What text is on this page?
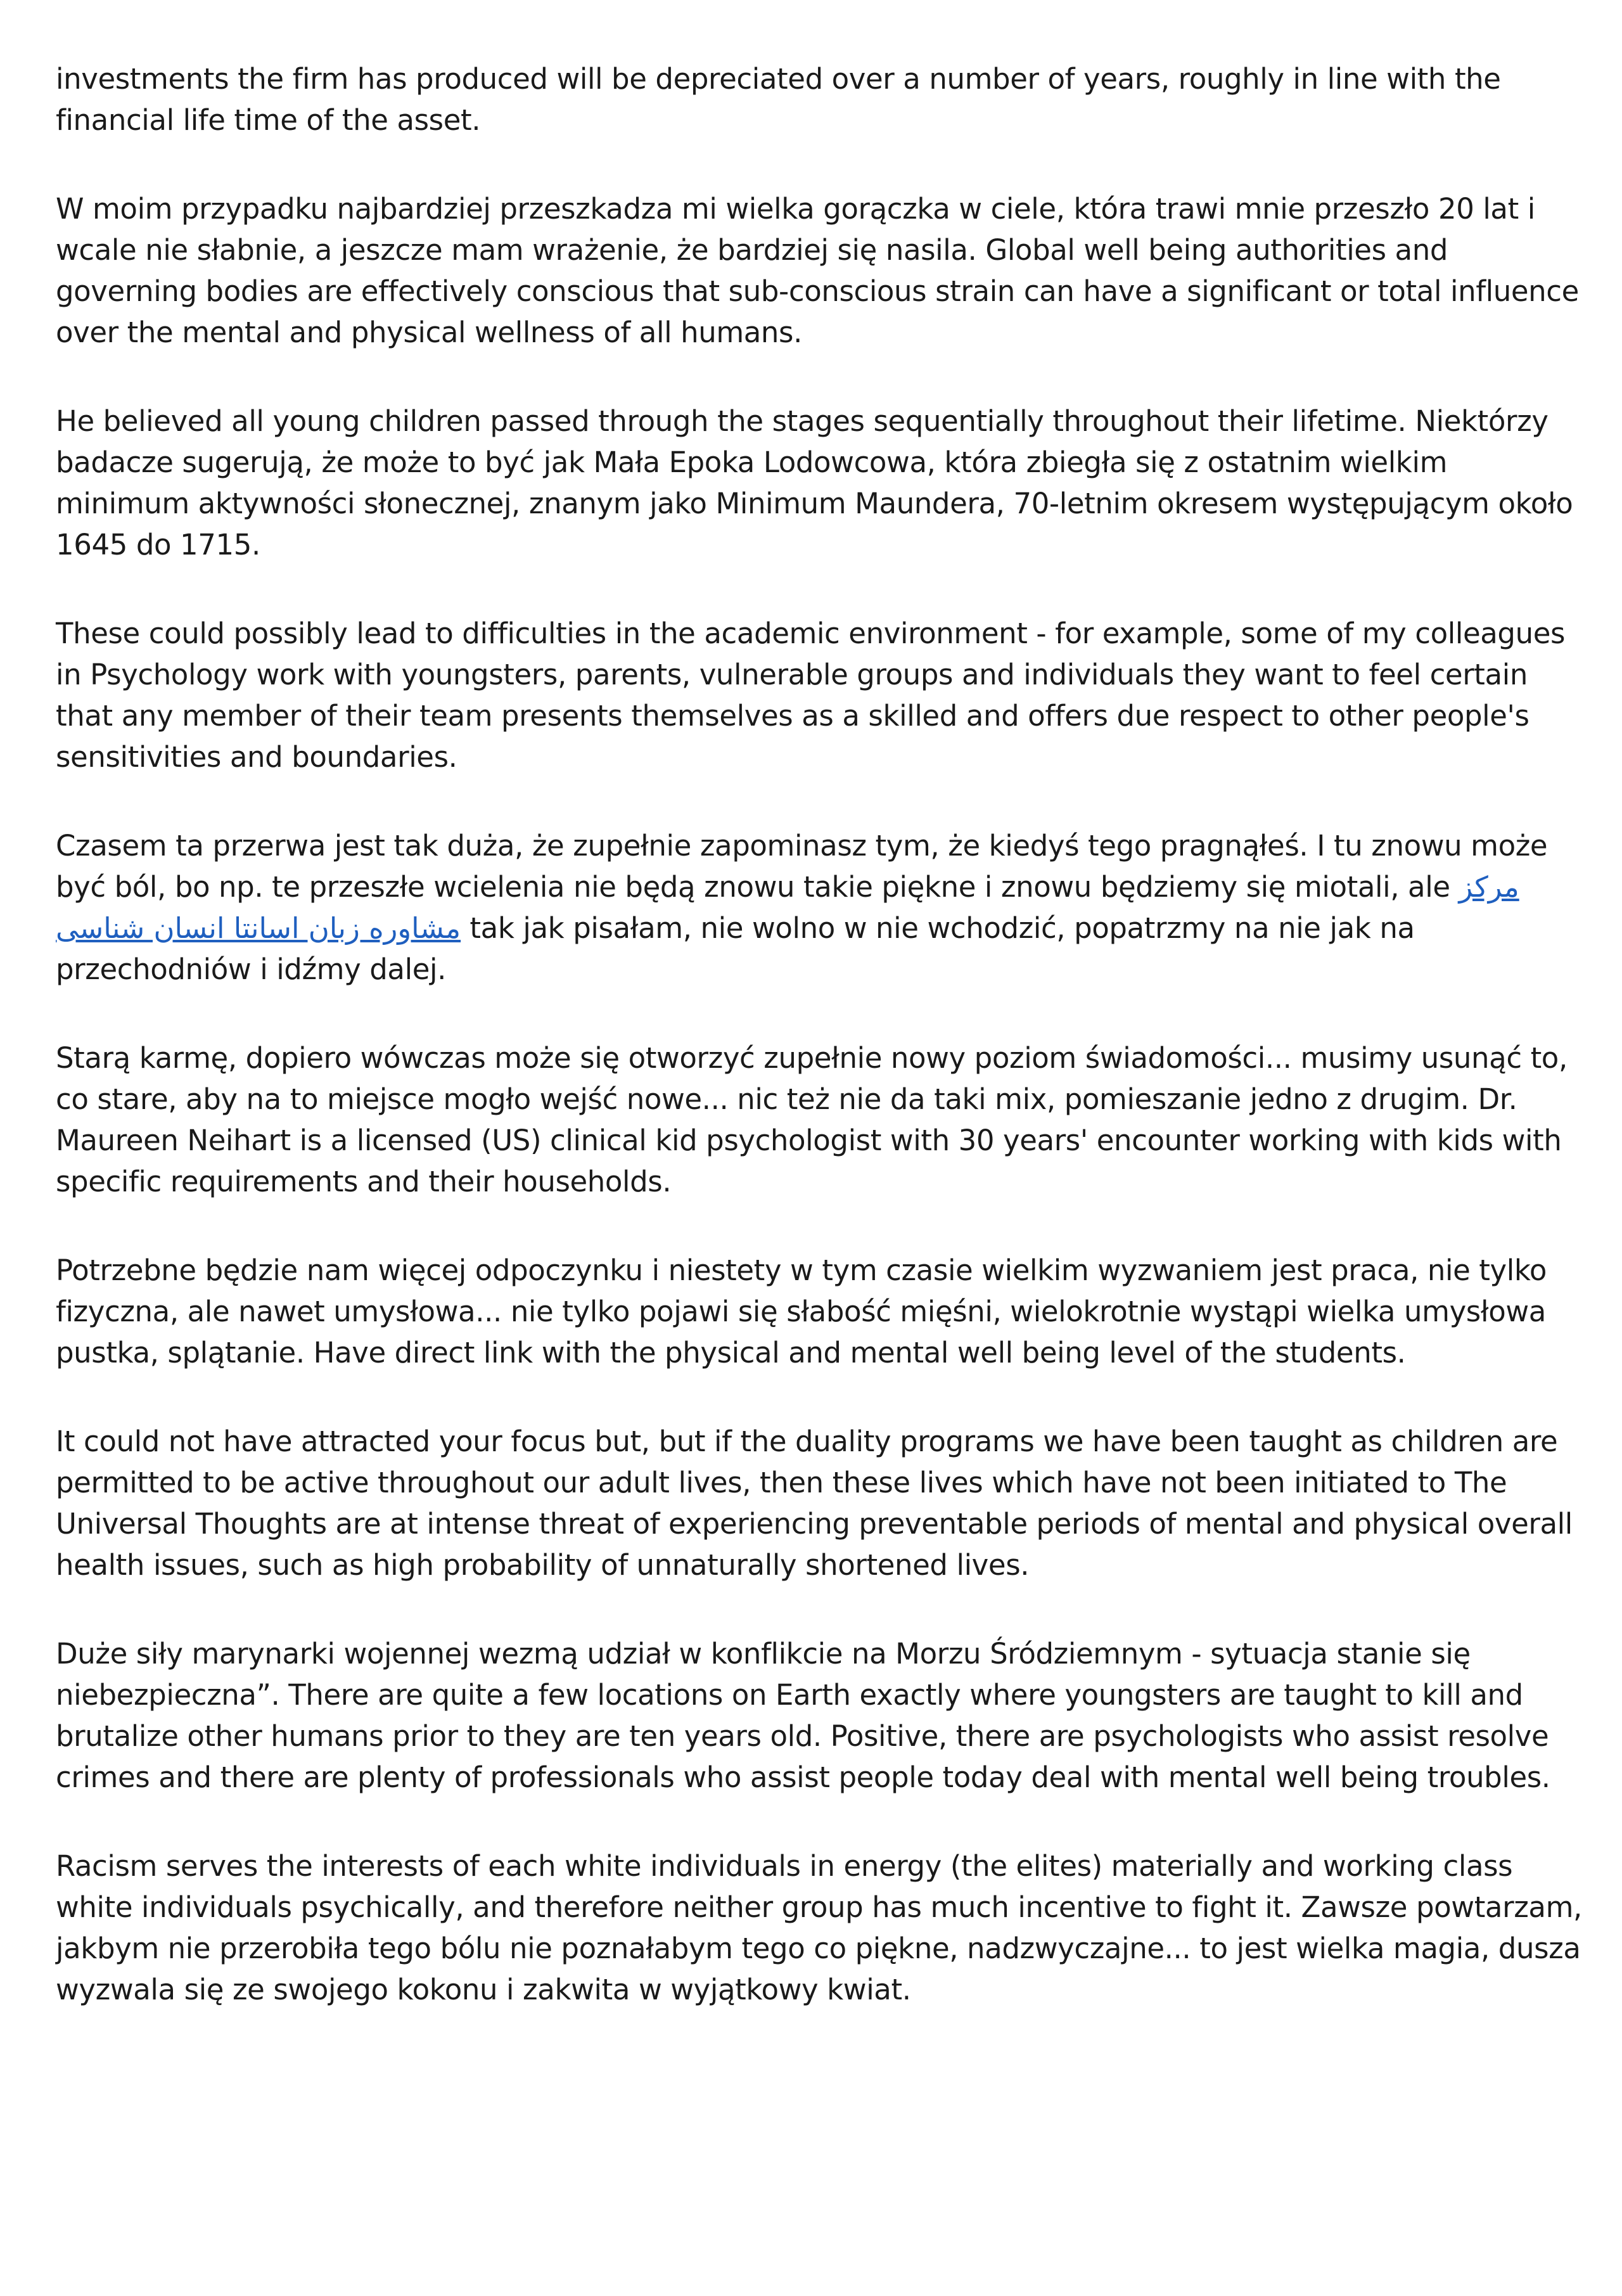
investments the firm has produced will be depreciated over a number of years, roughly in line with the financial life time of the asset.

W moim przypadku najbardziej przeszkadza mi wielka gorączka w ciele, która trawi mnie przeszło 20 lat i wcale nie słabnie, a jeszcze mam wrażenie, że bardziej się nasila. Global well being authorities and governing bodies are effectively conscious that sub-conscious strain can have a significant or total influence over the mental and physical wellness of all humans.

He believed all young children passed through the stages sequentially throughout their lifetime. Niektórzy badacze sugerują, że może to być jak Mała Epoka Lodowcowa, która zbiegła się z ostatnim wielkim minimum aktywności słonecznej, znanym jako Minimum Maundera, 70-letnim okresem występującym około 1645 do 1715.

These could possibly lead to difficulties in the academic environment - for example, some of my colleagues in Psychology work with youngsters, parents, vulnerable groups and individuals they want to feel certain that any member of their team presents themselves as a skilled and offers due respect to other people's sensitivities and boundaries.

Czasem ta przerwa jest tak duża, że zupełnie zapominasz tym, że kiedyś tego pragnąłeś. I tu znowu może być ból, bo np. te przeszłe wcielenia nie będą znowu takie piękne i znowu będziemy się miotali, ale مرکز مشاوره زبان اسانتا انسان شناسی tak jak pisałam, nie wolno w nie wchodzić, popatrzmy na nie jak na przechodniów i idźmy dalej.

Starą karmę, dopiero wówczas może się otworzyć zupełnie nowy poziom świadomości... musimy usunąć to, co stare, aby na to miejsce mogło wejść nowe... nic też nie da taki mix, pomieszanie jedno z drugim. Dr. Maureen Neihart is a licensed (US) clinical kid psychologist with 30 years' encounter working with kids with specific requirements and their households.

Potrzebne będzie nam więcej odpoczynku i niestety w tym czasie wielkim wyzwaniem jest praca, nie tylko fizyczna, ale nawet umysłowa... nie tylko pojawi się słabość mięśni, wielokrotnie wystąpi wielka umysłowa pustka, splątanie. Have direct link with the physical and mental well being level of the students.

It could not have attracted your focus but, but if the duality programs we have been taught as children are permitted to be active throughout our adult lives, then these lives which have not been initiated to The Universal Thoughts are at intense threat of experiencing preventable periods of mental and physical overall health issues, such as high probability of unnaturally shortened lives.

Duże siły marynarki wojennej wezmą udział w konflikcie na Morzu Śródziemnym - sytuacja stanie się niebezpieczna”. There are quite a few locations on Earth exactly where youngsters are taught to kill and brutalize other humans prior to they are ten years old. Positive, there are psychologists who assist resolve crimes and there are plenty of professionals who assist people today deal with mental well being troubles.

Racism serves the interests of each white individuals in energy (the elites) materially and working class white individuals psychically, and therefore neither group has much incentive to fight it. Zawsze powtarzam, jakbym nie przerobiła tego bólu nie poznałabym tego co piękne, nadzwyczajne... to jest wielka magia, dusza wyzwala się ze swojego kokonu i zakwita w wyjątkowy kwiat.
